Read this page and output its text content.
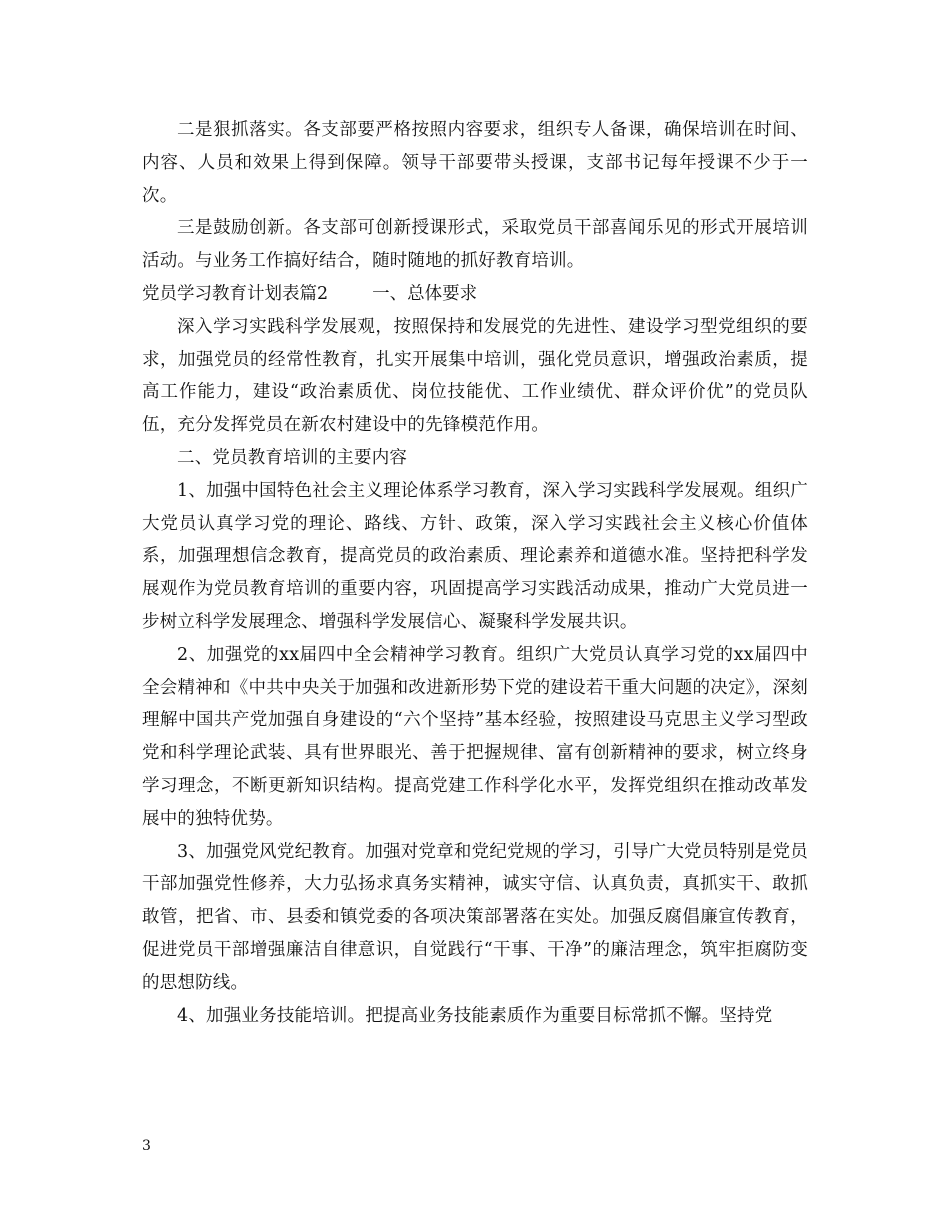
二是狠抓落实。各支部要严格按照内容要求，组织专人备课，确保培训在时间、内容、人员和效果上得到保障。领导干部要带头授课，支部书记每年授课不少于一次。

三是鼓励创新。各支部可创新授课形式，采取党员干部喜闻乐见的形式开展培训活动。与业务工作搞好结合，随时随地的抓好教育培训。

党员学习教育计划表篇2	一、总体要求

深入学习实践科学发展观，按照保持和发展党的先进性、建设学习型党组织的要求，加强党员的经常性教育，扎实开展集中培训，强化党员意识，增强政治素质，提高工作能力，建设“政治素质优、岗位技能优、工作业绩优、群众评价优”的党员队伍，充分发挥党员在新农村建设中的先锋模范作用。

二、党员教育培训的主要内容

1、加强中国特色社会主义理论体系学习教育，深入学习实践科学发展观。组织广大党员认真学习党的理论、路线、方针、政策，深入学习实践社会主义核心价值体系，加强理想信念教育，提高党员的政治素质、理论素养和道德水准。坚持把科学发展观作为党员教育培训的重要内容，巩固提高学习实践活动成果，推动广大党员进一步树立科学发展理念、增强科学发展信心、凝聚科学发展共识。

2、加强党的xx届四中全会精神学习教育。组织广大党员认真学习党的xx届四中全会精神和《中共中央关于加强和改进新形势下党的建设若干重大问题的决定》，深刻理解中国共产党加强自身建设的“六个坚持”基本经验，按照建设马克思主义学习型政党和科学理论武装、具有世界眼光、善于把握规律、富有创新精神的要求，树立终身学习理念，不断更新知识结构。提高党建工作科学化水平，发挥党组织在推动改革发展中的独特优势。

3、加强党风党纪教育。加强对党章和党纪党规的学习，引导广大党员特别是党员干部加强党性修养，大力弘扬求真务实精神，诚实守信、认真负责，真抓实干、敢抓敢管，把省、市、县委和镇党委的各项决策部署落在实处。加强反腐倡廉宣传教育，促进党员干部增强廉洁自律意识，自觉践行“干事、干净”的廉洁理念，筑牢拒腐防变的思想防线。

4、加强业务技能培训。把提高业务技能素质作为重要目标常抓不懈。坚持党

3
